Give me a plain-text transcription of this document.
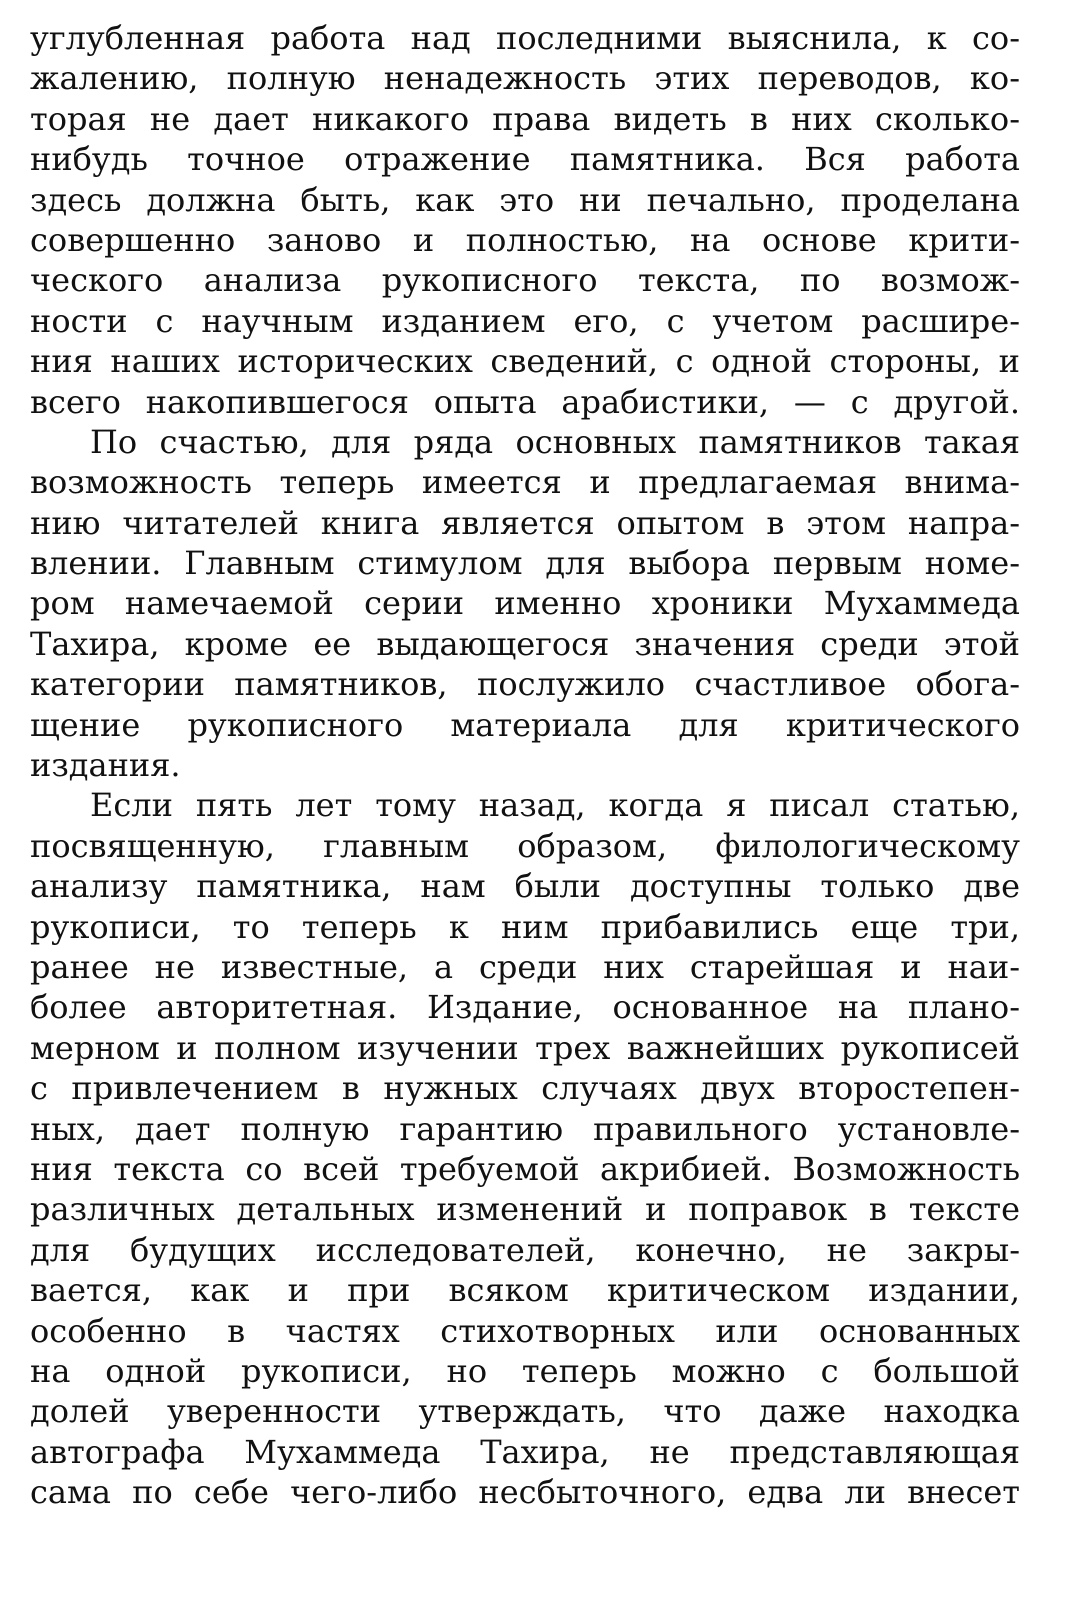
углубленная работа над последними выяснила, к со-
жалению, полную ненадежность этих переводов, ко-
торая не дает никакого права видеть в них сколько-
нибудь точное отражение памятника. Вся работа
здесь должна быть, как это ни печально, проделана
совершенно заново и полностью, на основе крити-
ческого анализа рукописного текста, по возмож-
ности с научным изданием его, с учетом расшире-
ния наших исторических сведений, с одной стороны, и
всего накопившегося опыта арабистики, — с другой.
По счастью, для ряда основных памятников такая
возможность теперь имеется и предлагаемая внима-
нию читателей книга является опытом в этом напра-
влении. Главным стимулом для выбора первым номе-
ром намечаемой серии именно хроники Мухаммеда
Тахира, кроме ее выдающегося значения среди этой
категории памятников, послужило счастливое обога-
щение рукописного материала для критического
издания.
Если пять лет тому назад, когда я писал статью,
посвященную, главным образом, филологическому
анализу памятника, нам были доступны только две
рукописи, то теперь к ним прибавились еще три,
ранее не известные, а среди них старейшая и наи-
более авторитетная. Издание, основанное на плано-
мерном и полном изучении трех важнейших рукописей
с привлечением в нужных случаях двух второстепен-
ных, дает полную гарантию правильного установле-
ния текста со всей требуемой акрибией. Возможность
различных детальных изменений и поправок в тексте
для будущих исследователей, конечно, не закры-
вается, как и при всяком критическом издании,
особенно в частях стихотворных или основанных
на одной рукописи, но теперь можно с большой
долей уверенности утверждать, что даже находка
автографа Мухаммеда Тахира, не представляющая
сама по себе чего-либо несбыточного, едва ли внесет
